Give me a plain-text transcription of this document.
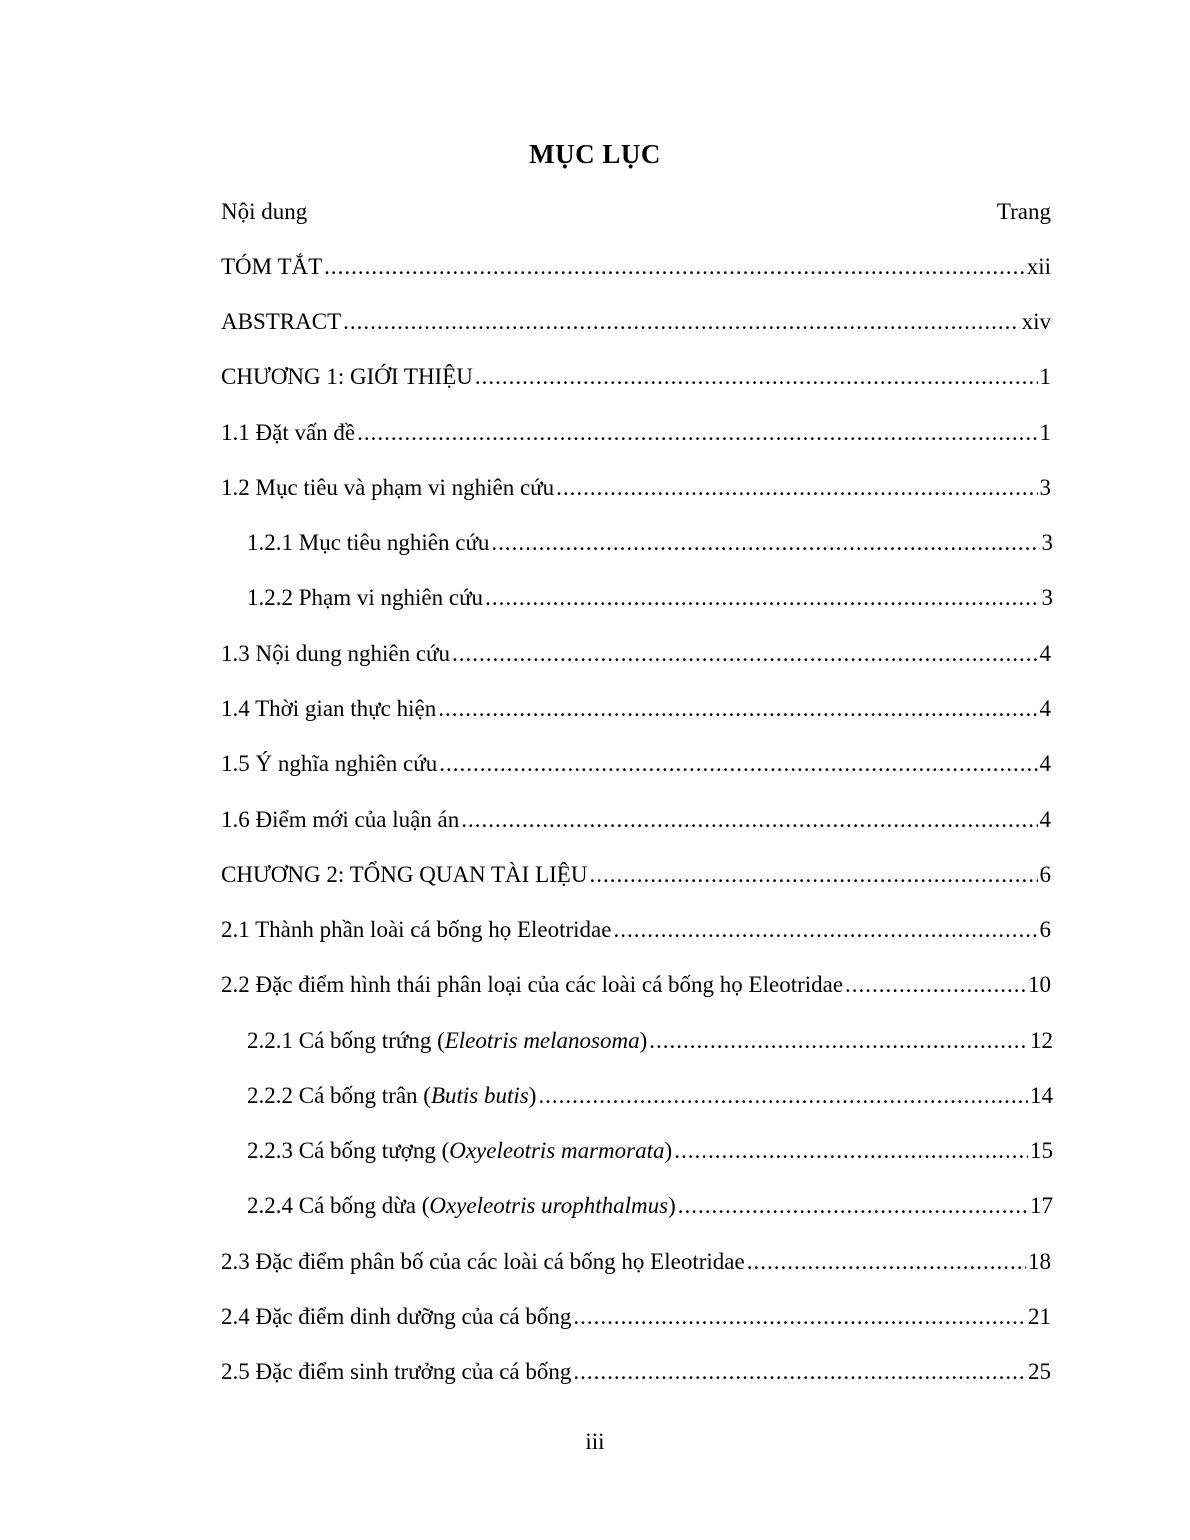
MỤC LỤC
Nội dung	Trang
TÓM TẮT .....	xii
ABSTRACT .....	xiv
CHƯƠNG 1: GIỚI THIỆU .....	1
1.1 Đặt vấn đề .....	1
1.2 Mục tiêu và phạm vi nghiên cứu .....	3
1.2.1 Mục tiêu nghiên cứu .....	3
1.2.2 Phạm vi nghiên cứu .....	3
1.3 Nội dung nghiên cứu .....	4
1.4 Thời gian thực hiện .....	4
1.5 Ý nghĩa nghiên cứu .....	4
1.6 Điểm mới của luận án .....	4
CHƯƠNG 2: TỔNG QUAN TÀI LIỆU .....	6
2.1 Thành phần loài cá bống họ Eleotridae .....	6
2.2 Đặc điểm hình thái phân loại của các loài cá bống họ Eleotridae .....	10
2.2.1 Cá bống trứng (Eleotris melanosoma) .....	12
2.2.2 Cá bống trân (Butis butis) .....	14
2.2.3 Cá bống tượng (Oxyeleotris marmorata) .....	15
2.2.4 Cá bống dừa (Oxyeleotris urophthalmus) .....	17
2.3 Đặc điểm phân bố của các loài cá bống họ Eleotridae .....	18
2.4 Đặc điểm dinh dưỡng của cá bống .....	21
2.5 Đặc điểm sinh trưởng của cá bống .....	25
iii
